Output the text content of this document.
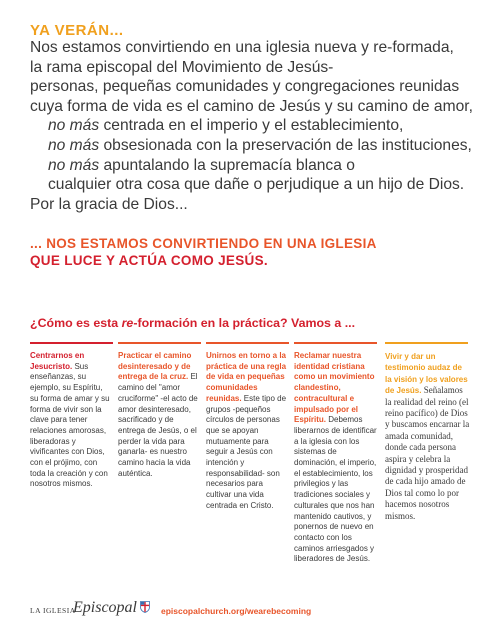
YA VERÁN...
Nos estamos convirtiendo en una iglesia nueva y re-formada,
la rama episcopal del Movimiento de Jesús-
personas, pequeñas comunidades y congregaciones reunidas
cuya forma de vida es el camino de Jesús y su camino de amor,
no más centrada en el imperio y el establecimiento,
no más obsesionada con la preservación de las instituciones,
no más apuntalando la supremacía blanca o
cualquier otra cosa que dañe o perjudique a un hijo de Dios.
Por la gracia de Dios...
... NOS ESTAMOS CONVIRTIENDO EN UNA IGLESIA
QUE LUCE Y ACTÚA COMO JESÚS.
¿Cómo es esta re-formación en la práctica? Vamos a ...
Centrarnos en Jesucristo. Sus enseñanzas, su ejemplo, su Espíritu, su forma de amar y su forma de vivir son la clave para tener relaciones amorosas, liberadoras y vivificantes con Dios, con el prójimo, con toda la creación y con nosotros mismos.
Practicar el camino desinteresado y de entrega de la cruz. El camino del "amor cruciforme" -el acto de amor desinteresado, sacrificado y de entrega de Jesús, o el perder la vida para ganarla- es nuestro camino hacia la vida auténtica.
Unirnos en torno a la práctica de una regla de vida en pequeñas comunidades reunidas. Este tipo de grupos -pequeños círculos de personas que se apoyan mutuamente para seguir a Jesús con intención y responsabilidad- son necesarios para cultivar una vida centrada en Cristo.
Reclamar nuestra identidad cristiana como un movimiento clandestino, contracultural e impulsado por el Espíritu. Debemos liberarnos de identificar a la iglesia con los sistemas de dominación, el imperio, el establecimiento, los privilegios y las tradiciones sociales y culturales que nos han mantenido cautivos, y ponernos de nuevo en contacto con los caminos arriesgados y liberadores de Jesús.
Vivir y dar un testimonio audaz de la visión y los valores de Jesús. Señalamos la realidad del reino (el reino pacífico) de Dios y buscamos encarnar la amada comunidad, donde cada persona aspira y celebra la dignidad y prosperidad de cada hijo amado de Dios tal como lo por hacemos nosotros mismos.
LA IGLESIA
Episcopal	episcopalchurch.org/wearebecoming
